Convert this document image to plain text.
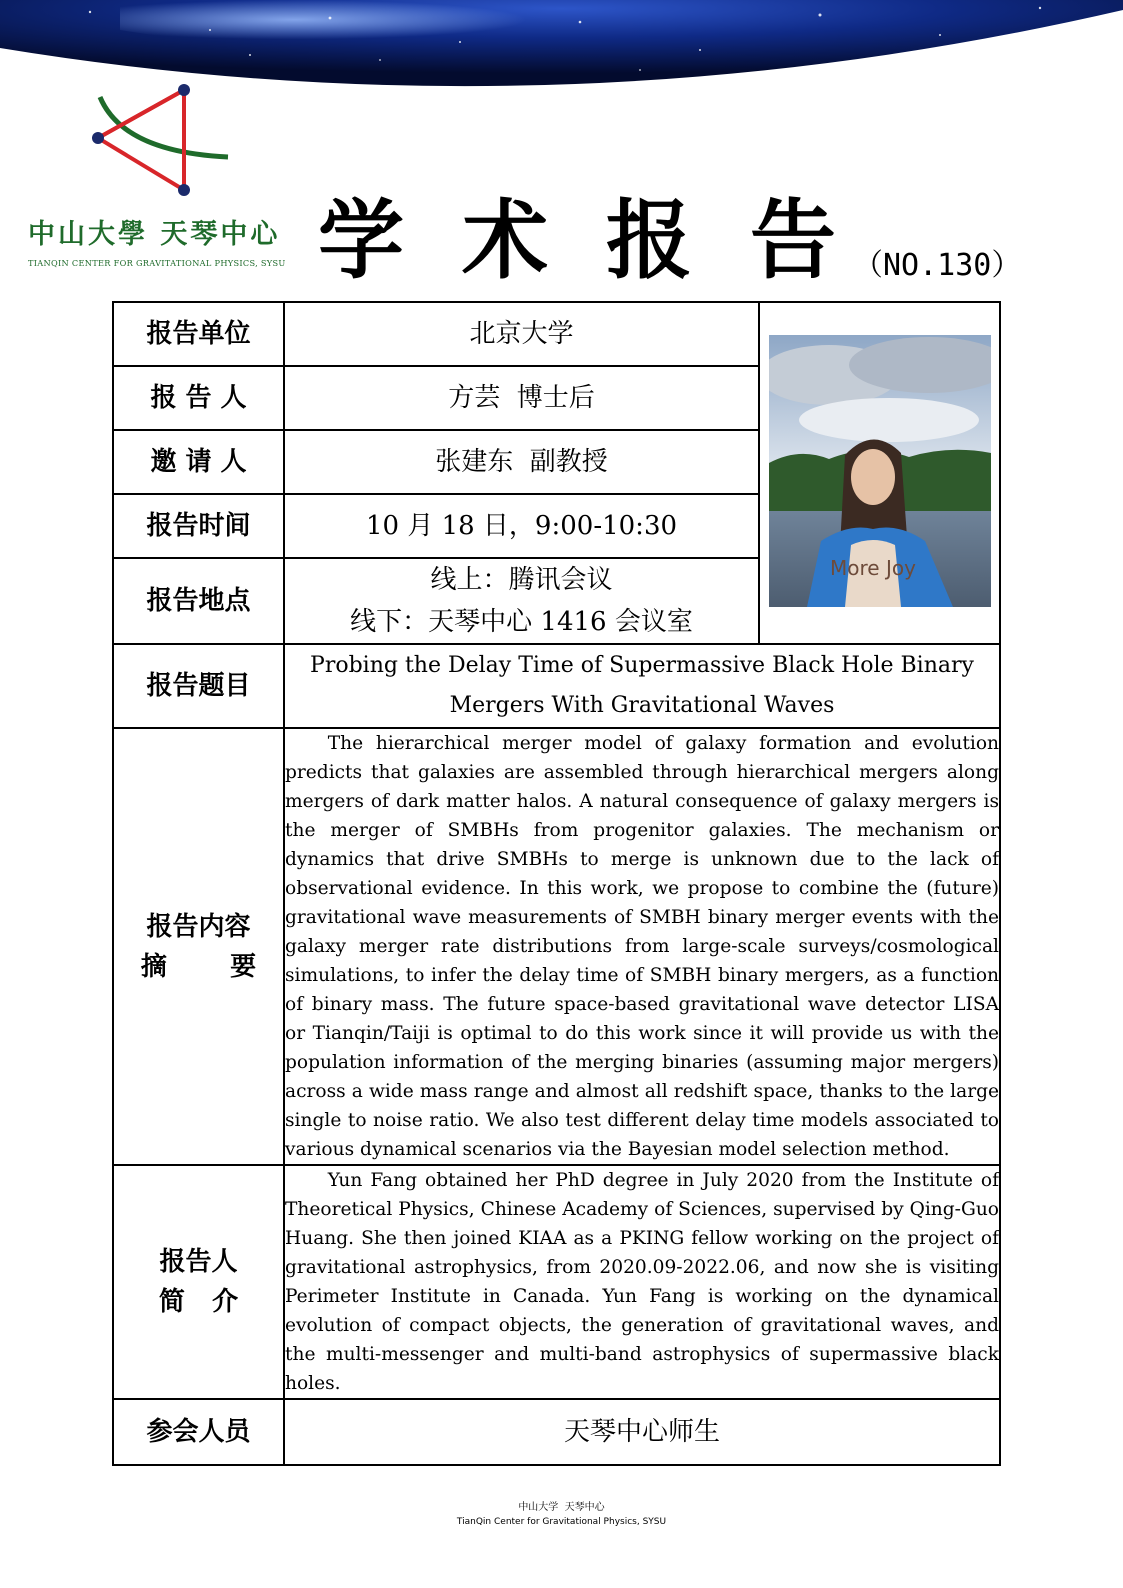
中山大學 天琴中心
TIANQIN CENTER FOR GRAVITATIONAL PHYSICS, SYSU 学术报告
（NO.130）
报告单位	北京大学	More Joy

报 告 人	方芸  博士后	
邀 请 人	张建东  副教授	
报告时间	10 月 18 日，9:00-10:30	
报告地点	线上：腾讯会议
线下：天琴中心 1416 会议室	

报告题目	Probing the Delay Time of Supermassive Black Hole Binary
Mergers With Gravitational Waves	

报告内容
摘       要	The hierarchical merger model of galaxy formation and evolution predicts that galaxies are assembled through hierarchical mergers along mergers of dark matter halos. A natural consequence of galaxy mergers is the merger of SMBHs from progenitor galaxies. The mechanism or dynamics that drive SMBHs to merge is unknown due to the lack of observational evidence. In this work, we propose to combine the (future) gravitational wave measurements of SMBH binary merger events with the galaxy merger rate distributions from large-scale surveys/cosmological simulations, to infer the delay time of SMBH binary mergers, as a function of binary mass. The future space-based gravitational wave detector LISA or Tianqin/Taiji is optimal to do this work since it will provide us with the population information of the merging binaries (assuming major mergers) across a wide mass range and almost all redshift space, thanks to the large single to noise ratio. We also test different delay time models associated to various dynamical scenarios via the Bayesian model selection method.	

报告人
简   介	Yun Fang obtained her PhD degree in July 2020 from the Institute of Theoretical Physics, Chinese Academy of Sciences, supervised by Qing-Guo Huang. She then joined KIAA as a PKING fellow working on the project of gravitational astrophysics, from 2020.09-2022.06, and now she is visiting Perimeter Institute in Canada. Yun Fang is working on the dynamical evolution of compact objects, the generation of gravitational waves, and the multi-messenger and multi-band astrophysics of supermassive black holes.	

参会人员	天琴中心师生	
中山大学  天琴中心
TianQin Center for Gravitational Physics, SYSU
